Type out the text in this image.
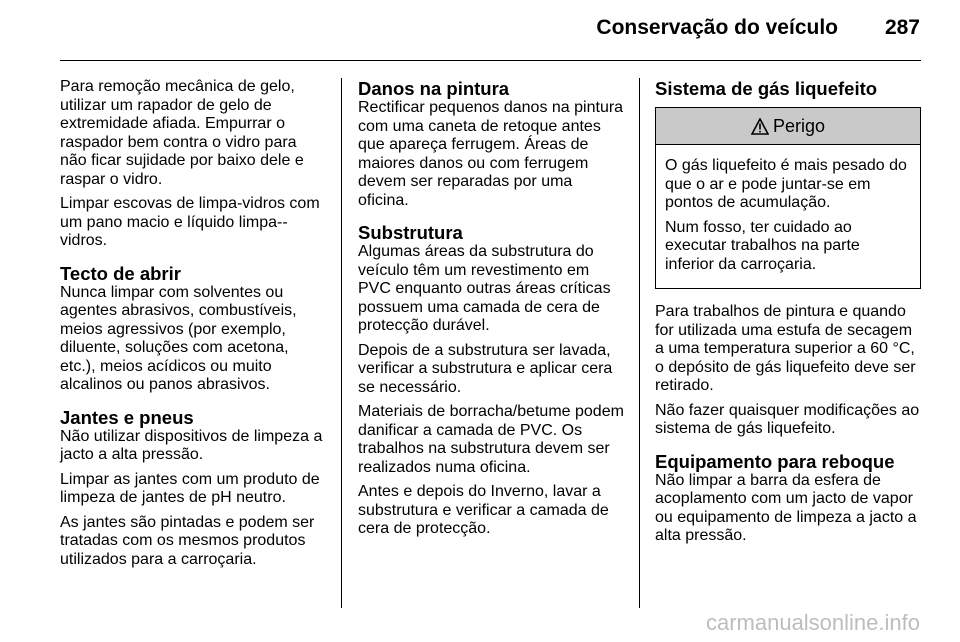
Conservação do veículo 287

Para remoção mecânica de gelo, utilizar um rapador de gelo de extremidade afiada. Empurrar o raspador bem contra o vidro para não ficar sujidade por baixo dele e raspar o vidro.

Limpar escovas de limpa-vidros com um pano macio e líquido limpa--vidros.

Tecto de abrir

Nunca limpar com solventes ou agentes abrasivos, combustíveis, meios agressivos (por exemplo, diluente, soluções com acetona, etc.), meios acídicos ou muito alcalinos ou panos abrasivos.

Jantes e pneus

Não utilizar dispositivos de limpeza a jacto a alta pressão.

Limpar as jantes com um produto de limpeza de jantes de pH neutro.

As jantes são pintadas e podem ser tratadas com os mesmos produtos utilizados para a carroçaria.

Danos na pintura

Rectificar pequenos danos na pintura com uma caneta de retoque antes que apareça ferrugem. Áreas de maiores danos ou com ferrugem devem ser reparadas por uma oficina.

Substrutura

Algumas áreas da substrutura do veículo têm um revestimento em PVC enquanto outras áreas críticas possuem uma camada de cera de protecção durável.

Depois de a substrutura ser lavada, verificar a substrutura e aplicar cera se necessário.

Materiais de borracha/betume podem danificar a camada de PVC. Os trabalhos na substrutura devem ser realizados numa oficina.

Antes e depois do Inverno, lavar a substrutura e verificar a camada de cera de protecção.

Sistema de gás liquefeito
Perigo

O gás liquefeito é mais pesado do que o ar e pode juntar-se em pontos de acumulação.

Num fosso, ter cuidado ao executar trabalhos na parte inferior da carroçaria.

Para trabalhos de pintura e quando for utilizada uma estufa de secagem a uma temperatura superior a 60 °C, o depósito de gás liquefeito deve ser retirado.

Não fazer quaisquer modificações ao sistema de gás liquefeito.

Equipamento para reboque

Não limpar a barra da esfera de acoplamento com um jacto de vapor ou equipamento de limpeza a jacto a alta pressão.

carmanualsonline.info
